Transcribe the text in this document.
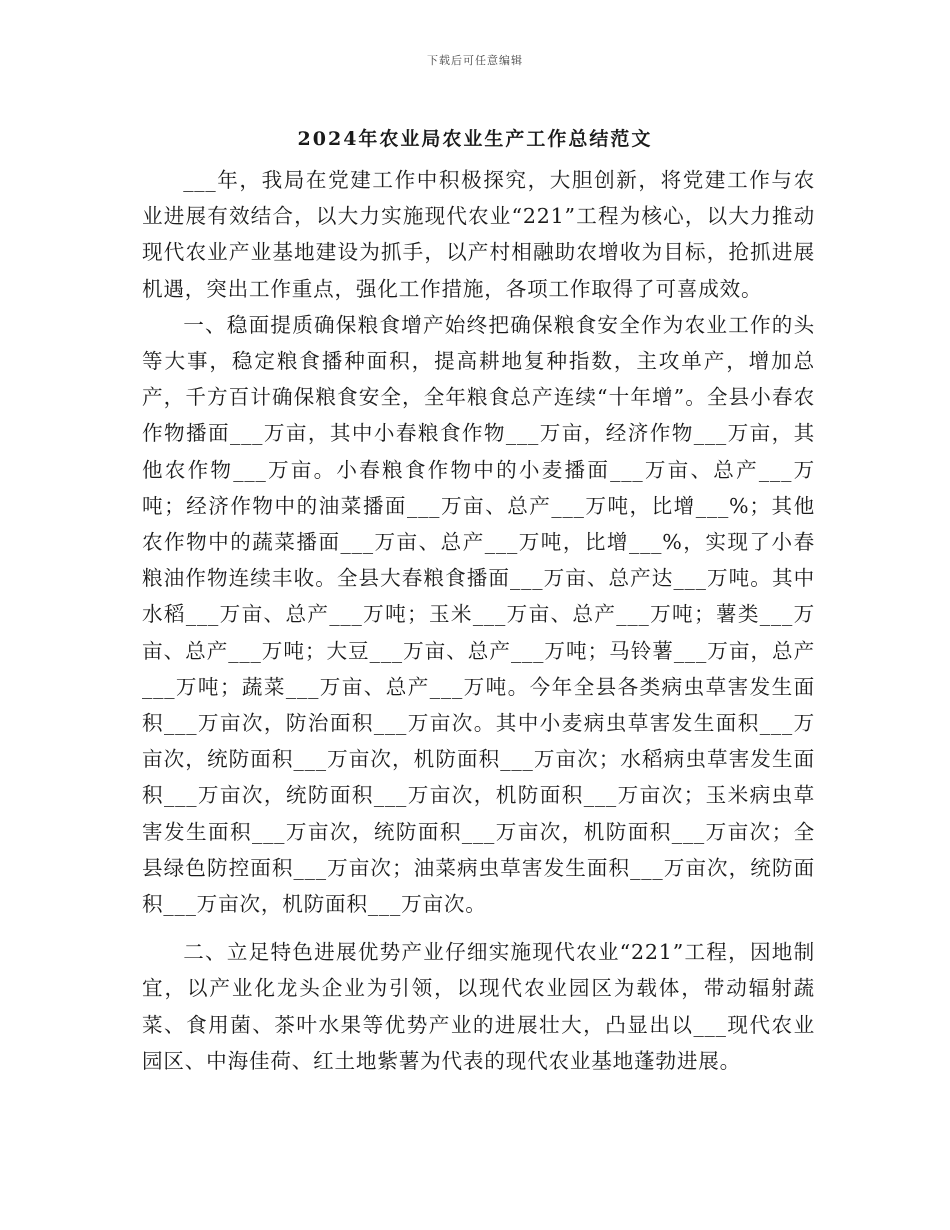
下载后可任意编辑
2024年农业局农业生产工作总结范文

___年，我局在党建工作中积极探究，大胆创新，将党建工作与农业进展有效结合，以大力实施现代农业“221”工程为核心，以大力推动现代农业产业基地建设为抓手，以产村相融助农增收为目标，抢抓进展机遇，突出工作重点，强化工作措施，各项工作取得了可喜成效。

一、稳面提质确保粮食增产始终把确保粮食安全作为农业工作的头等大事，稳定粮食播种面积，提高耕地复种指数，主攻单产，增加总产，千方百计确保粮食安全，全年粮食总产连续“十年增”。全县小春农作物播面___万亩，其中小春粮食作物___万亩，经济作物___万亩，其他农作物___万亩。小春粮食作物中的小麦播面___万亩、总产___万吨；经济作物中的油菜播面___万亩、总产___万吨，比增___%；其他农作物中的蔬菜播面___万亩、总产___万吨，比增___%，实现了小春粮油作物连续丰收。全县大春粮食播面___万亩、总产达___万吨。其中水稻___万亩、总产___万吨；玉米___万亩、总产___万吨；薯类___万亩、总产___万吨；大豆___万亩、总产___万吨；马铃薯___万亩，总产___万吨；蔬菜___万亩、总产___万吨。今年全县各类病虫草害发生面积___万亩次，防治面积___万亩次。其中小麦病虫草害发生面积___万亩次，统防面积___万亩次，机防面积___万亩次；水稻病虫草害发生面积___万亩次，统防面积___万亩次，机防面积___万亩次；玉米病虫草害发生面积___万亩次，统防面积___万亩次，机防面积___万亩次；全县绿色防控面积___万亩次；油菜病虫草害发生面积___万亩次，统防面积___万亩次，机防面积___万亩次。

二、立足特色进展优势产业仔细实施现代农业“221”工程，因地制宜，以产业化龙头企业为引领，以现代农业园区为载体，带动辐射蔬菜、食用菌、茶叶水果等优势产业的进展壮大，凸显出以___现代农业园区、中海佳荷、红土地紫薯为代表的现代农业基地蓬勃进展。
